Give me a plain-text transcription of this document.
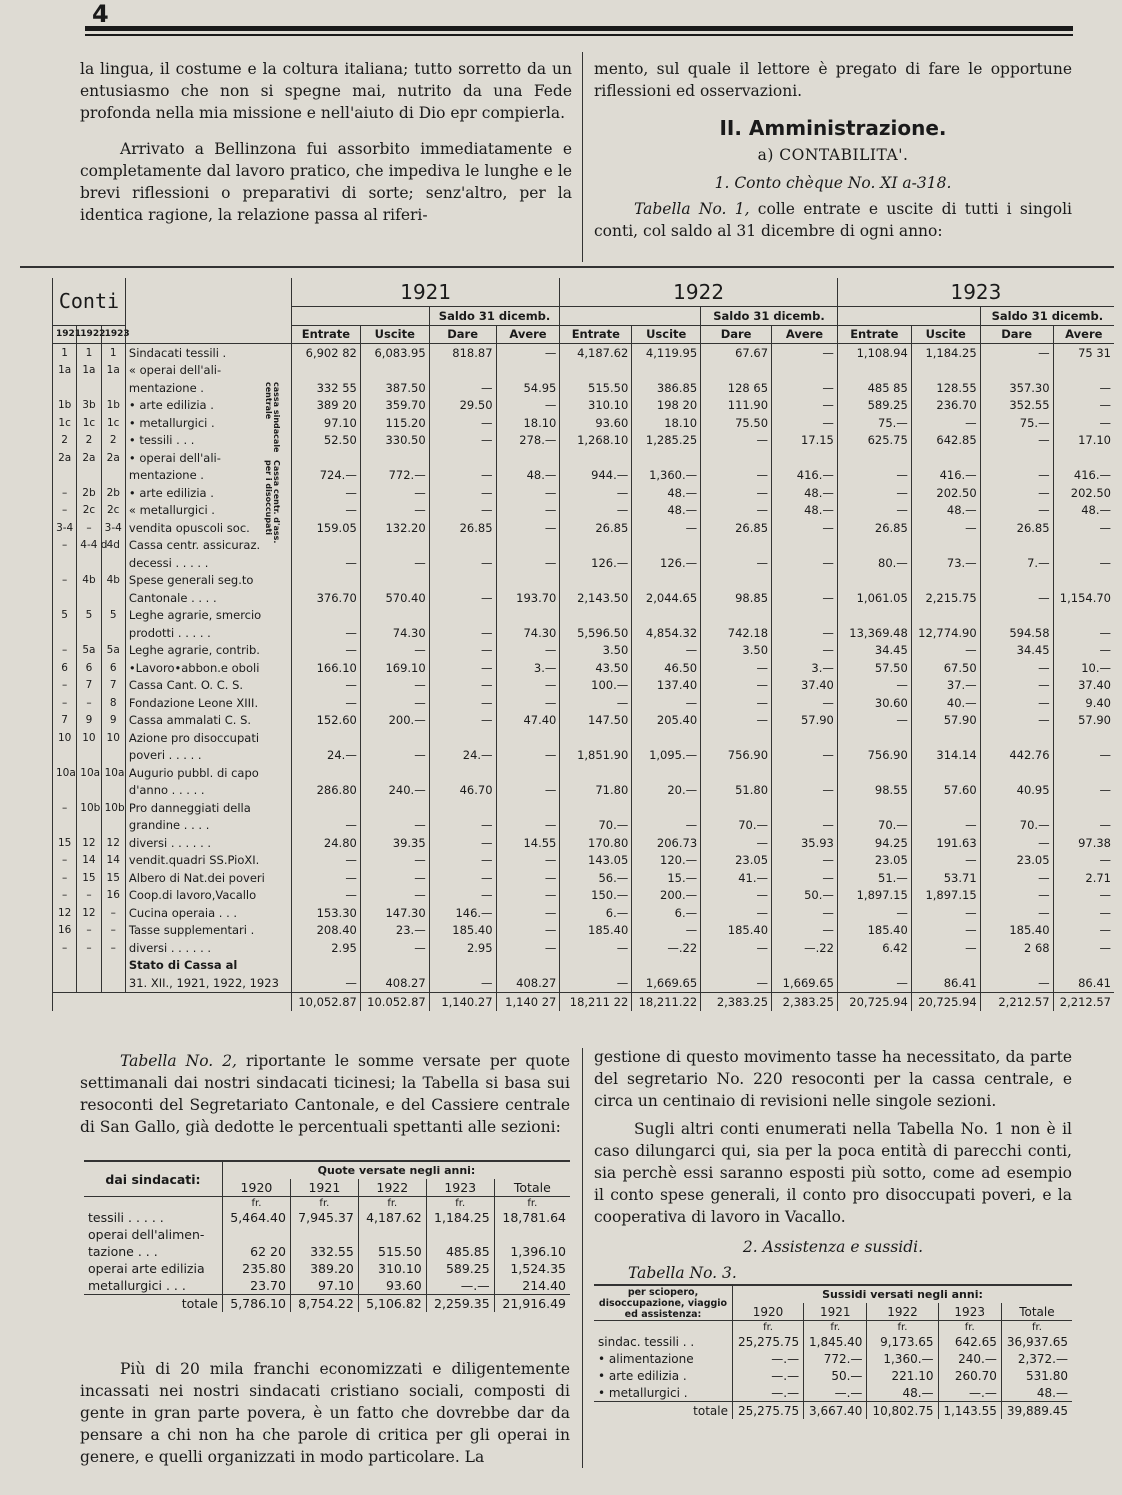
4

la lingua, il costume e la coltura italiana; tutto sorretto da un entusiasmo che non si spegne mai, nutrito da una Fede profonda nella mia missione e nell'aiuto di Dio epr compierla.

Arrivato a Bellinzona fui assorbito immediatamente e completamente dal lavoro pratico, che impediva le lunghe e le brevi riflessioni o preparativi di sorte; senz'altro, per la identica ragione, la relazione passa al riferi-

mento, sul quale il lettore è pregato di fare le opportune riflessioni ed osservazioni.

II. Amministrazione.
a) CONTABILITA'.
1. Conto chèque No. XI a-318.

Tabella No. 1, colle entrate e uscite di tutti i singoli conti, col saldo al 31 dicembre di ogni anno:

Conti				1921				1922				1923			
						Saldo 31 dicemb.				Saldo 31 dicemb.				Saldo 31 dicemb.	
1921	1922	1923		Entrate	Uscite	Dare	Avere	Entrate	Uscite	Dare	Avere	Entrate	Uscite	Dare	Avere
1	1	1	Sindacati tessili .	6,902 82	6,083.95	818.87	—	4,187.62	4,119.95	67.67	—	1,108.94	1,184.25	—	75 31
1a	1a	1a	« operai dell'ali-												
			mentazione .	332 55	387.50	—	54.95	515.50	386.85	128 65	—	485 85	128.55	357.30	—
1b	3b	1b	• arte edilizia .	389 20	359.70	29.50	—	310.10	198 20	111.90	—	589.25	236.70	352.55	—
1c	1c	1c	• metallurgici .	97.10	115.20	—	18.10	93.60	18.10	75.50	—	75.—	—	75.—	—
2	2	2	• tessili . . .	52.50	330.50	—	278.—	1,268.10	1,285.25	—	17.15	625.75	642.85	—	17.10
2a	2a	2a	• operai dell'ali-												
			mentazione .	724.—	772.—	—	48.—	944.—	1,360.—	—	416.—	—	416.—	—	416.—
–	2b	2b	• arte edilizia .	—	—	—	—	—	48.—	—	48.—	—	202.50	—	202.50
–	2c	2c	« metallurgici .	—	—	—	—	—	48.—	—	48.—	—	48.—	—	48.—
3-4	–	3-4	vendita opuscoli soc.	159.05	132.20	26.85	—	26.85	—	26.85	—	26.85	—	26.85	—
–	4-4 d	4d	Cassa centr. assicuraz.												
			decessi . . . . .	—	—	—	—	126.—	126.—	—	—	80.—	73.—	7.—	—
–	4b	4b	Spese generali seg.to												
			Cantonale . . . .	376.70	570.40	—	193.70	2,143.50	2,044.65	98.85	—	1,061.05	2,215.75	—	1,154.70
5	5	5	Leghe agrarie, smercio												
			prodotti . . . . .	—	74.30	—	74.30	5,596.50	4,854.32	742.18	—	13,369.48	12,774.90	594.58	—
–	5a	5a	Leghe agrarie, contrib.	—	—	—	—	3.50	—	3.50	—	34.45	—	34.45	—
6	6	6	•Lavoro•abbon.e oboli	166.10	169.10	—	3.—	43.50	46.50	—	3.—	57.50	67.50	—	10.—
–	7	7	Cassa Cant. O. C. S.	—	—	—	—	100.—	137.40	—	37.40	—	37.—	—	37.40
–	–	8	Fondazione Leone XIII.	—	—	—	—	—	—	—	—	30.60	40.—	—	9.40
7	9	9	Cassa ammalati C. S.	152.60	200.—	—	47.40	147.50	205.40	—	57.90	—	57.90	—	57.90
10	10	10	Azione pro disoccupati												
			poveri . . . . .	24.—	—	24.—	—	1,851.90	1,095.—	756.90	—	756.90	314.14	442.76	—
10a	10a	10a	Augurio pubbl. di capo												
			d'anno . . . . .	286.80	240.—	46.70	—	71.80	20.—	51.80	—	98.55	57.60	40.95	—
–	10b	10b	Pro danneggiati della												
			grandine . . . .	—	—	—	—	70.—	—	70.—	—	70.—	—	70.—	—
15	12	12	diversi . . . . . .	24.80	39.35	—	14.55	170.80	206.73	—	35.93	94.25	191.63	—	97.38
–	14	14	vendit.quadri SS.PioXI.	—	—	—	—	143.05	120.—	23.05	—	23.05	—	23.05	—
–	15	15	Albero di Nat.dei poveri	—	—	—	—	56.—	15.—	41.—	—	51.—	53.71	—	2.71
–	–	16	Coop.di lavoro,Vacallo	—	—	—	—	150.—	200.—	—	50.—	1,897.15	1,897.15	—	—
12	12	–	Cucina operaia . . .	153.30	147.30	146.—	—	6.—	6.—	—	—	—	—	—	—
16	–	–	Tasse supplementari .	208.40	23.—	185.40	—	185.40	—	185.40	—	185.40	—	185.40	—
–	–	–	diversi . . . . . .	2.95	—	2.95	—	—	—.22	—	—.22	6.42	—	2 68	—
			Stato di Cassa al												
			31. XII., 1921, 1922, 1923	—	408.27	—	408.27	—	1,669.65	—	1,669.65	—	86.41	—	86.41
				10,052.87	10.052.87	1,140.27	1,140 27	18,211 22	18,211.22	2,383.25	2,383.25	20,725.94	20,725.94	2,212.57	2,212.57
cassa sindacale centrale
Cassa centr. d'ass. per i disoccupati

Tabella No. 2, riportante le somme versate per quote settimanali dai nostri sindacati ticinesi; la Tabella si basa sui resoconti del Segretariato Cantonale, e del Cassiere centrale di San Gallo, già dedotte le percentuali spettanti alle sezioni:

dai sindacati:	Quote versate negli anni:				
	1920	1921	1922	1923	Totale
	fr.	fr.	fr.	fr.	fr.
tessili . . . . .	5,464.40	7,945.37	4,187.62	1,184.25	18,781.64
operai dell'alimen-					
tazione . . .	62 20	332.55	515.50	485.85	1,396.10
operai arte edilizia	235.80	389.20	310.10	589.25	1,524.35
metallurgici . . .	23.70	97.10	93.60	—.—	214.40
totale	5,786.10	8,754.22	5,106.82	2,259.35	21,916.49

Più di 20 mila franchi economizzati e diligentemente incassati nei nostri sindacati cristiano sociali, composti di gente in gran parte povera, è un fatto che dovrebbe dar da pensare a chi non ha che parole di critica per gli operai in genere, e quelli organizzati in modo particolare. La

gestione di questo movimento tasse ha necessitato, da parte del segretario No. 220 resoconti per la cassa centrale, e circa un centinaio di revisioni nelle singole sezioni.

Sugli altri conti enumerati nella Tabella No. 1 non è il caso dilungarci qui, sia per la poca entità di parecchi conti, sia perchè essi saranno esposti più sotto, come ad esempio il conto spese generali, il conto pro disoccupati poveri, e la cooperativa di lavoro in Vacallo.

2. Assistenza e sussidi.
Tabella No. 3.
per sciopero, disoccupazione, viaggio ed assistenza:	Sussidi versati negli anni:				
	1920	1921	1922	1923	Totale
	fr.	fr.	fr.	fr.	fr.
sindac. tessili . .	25,275.75	1,845.40	9,173.65	642.65	36,937.65
• alimentazione	—.—	772.—	1,360.—	240.—	2,372.—
• arte edilizia .	—.—	50.—	221.10	260.70	531.80
• metallurgici .	—.—	—.—	48.—	—.—	48.—
totale	25,275.75	3,667.40	10,802.75	1,143.55	39,889.45
